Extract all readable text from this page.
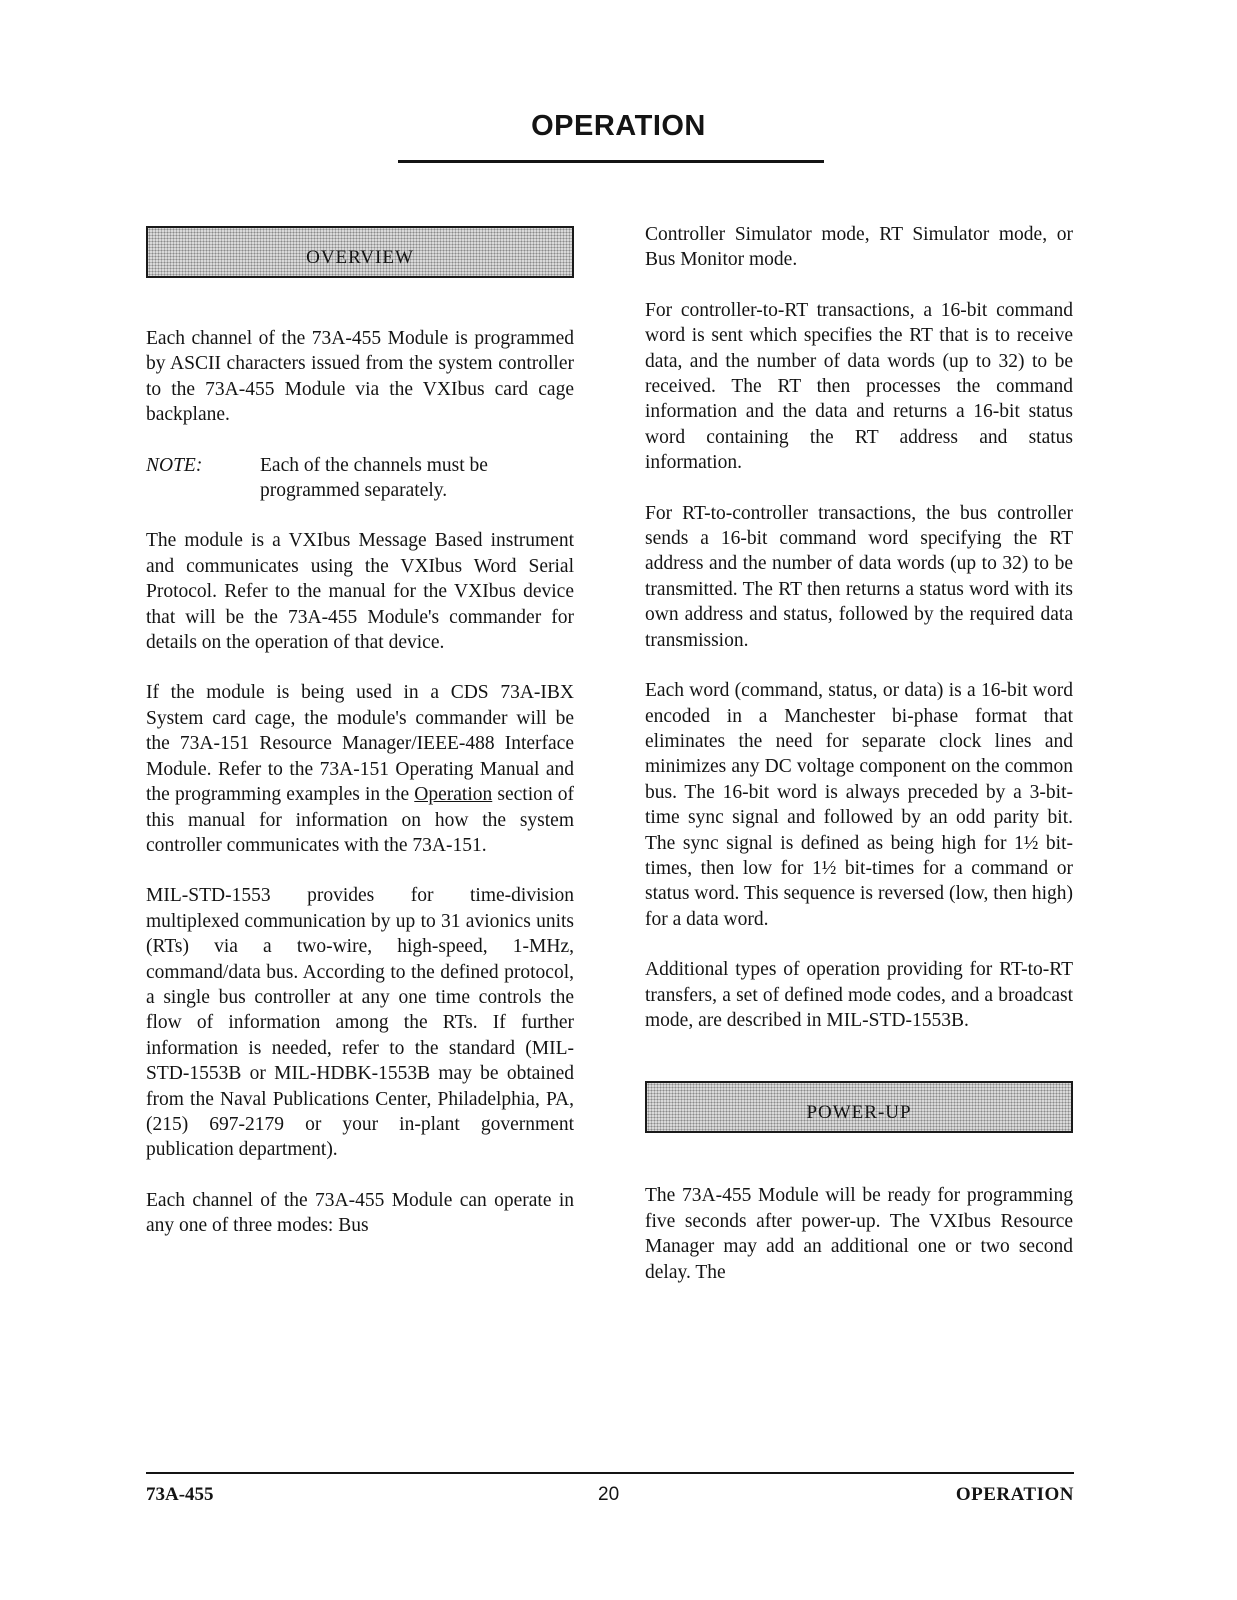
OPERATION
OVERVIEW

Each channel of the 73A-455 Module is programmed by ASCII characters issued from the system controller to the 73A-455 Module via the VXIbus card cage backplane.

NOTE:	Each of the channels must be programmed separately.

The module is a VXIbus Message Based instrument and communicates using the VXIbus Word Serial Protocol. Refer to the manual for the VXIbus device that will be the 73A-455 Module's commander for details on the operation of that device.

If the module is being used in a CDS 73A-IBX System card cage, the module's commander will be the 73A-151 Resource Manager/IEEE-488 Interface Module. Refer to the 73A-151 Operating Manual and the programming examples in the Operation section of this manual for information on how the system controller communicates with the 73A-151.

MIL-STD-1553 provides for time-division multiplexed communication by up to 31 avionics units (RTs) via a two-wire, high-speed, 1-MHz, command/data bus. According to the defined protocol, a single bus controller at any one time controls the flow of information among the RTs. If further information is needed, refer to the standard (MIL-STD-1553B or MIL-HDBK-1553B may be obtained from the Naval Publications Center, Philadelphia, PA, (215) 697-2179 or your in-plant government publication department).

Each channel of the 73A-455 Module can operate in any one of three modes: Bus

Controller Simulator mode, RT Simulator mode, or Bus Monitor mode.

For controller-to-RT transactions, a 16-bit command word is sent which specifies the RT that is to receive data, and the number of data words (up to 32) to be received. The RT then processes the command information and the data and returns a 16-bit status word containing the RT address and status information.

For RT-to-controller transactions, the bus controller sends a 16-bit command word specifying the RT address and the number of data words (up to 32) to be transmitted. The RT then returns a status word with its own address and status, followed by the required data transmission.

Each word (command, status, or data) is a 16-bit word encoded in a Manchester bi-phase format that eliminates the need for separate clock lines and minimizes any DC voltage component on the common bus. The 16-bit word is always preceded by a 3-bit-time sync signal and followed by an odd parity bit. The sync signal is defined as being high for 1½ bit-times, then low for 1½ bit-times for a command or status word. This sequence is reversed (low, then high) for a data word.

Additional types of operation providing for RT-to-RT transfers, a set of defined mode codes, and a broadcast mode, are described in MIL-STD-1553B.

POWER-UP

The 73A-455 Module will be ready for programming five seconds after power-up. The VXIbus Resource Manager may add an additional one or two second delay. The

73A-455	20	OPERATION
